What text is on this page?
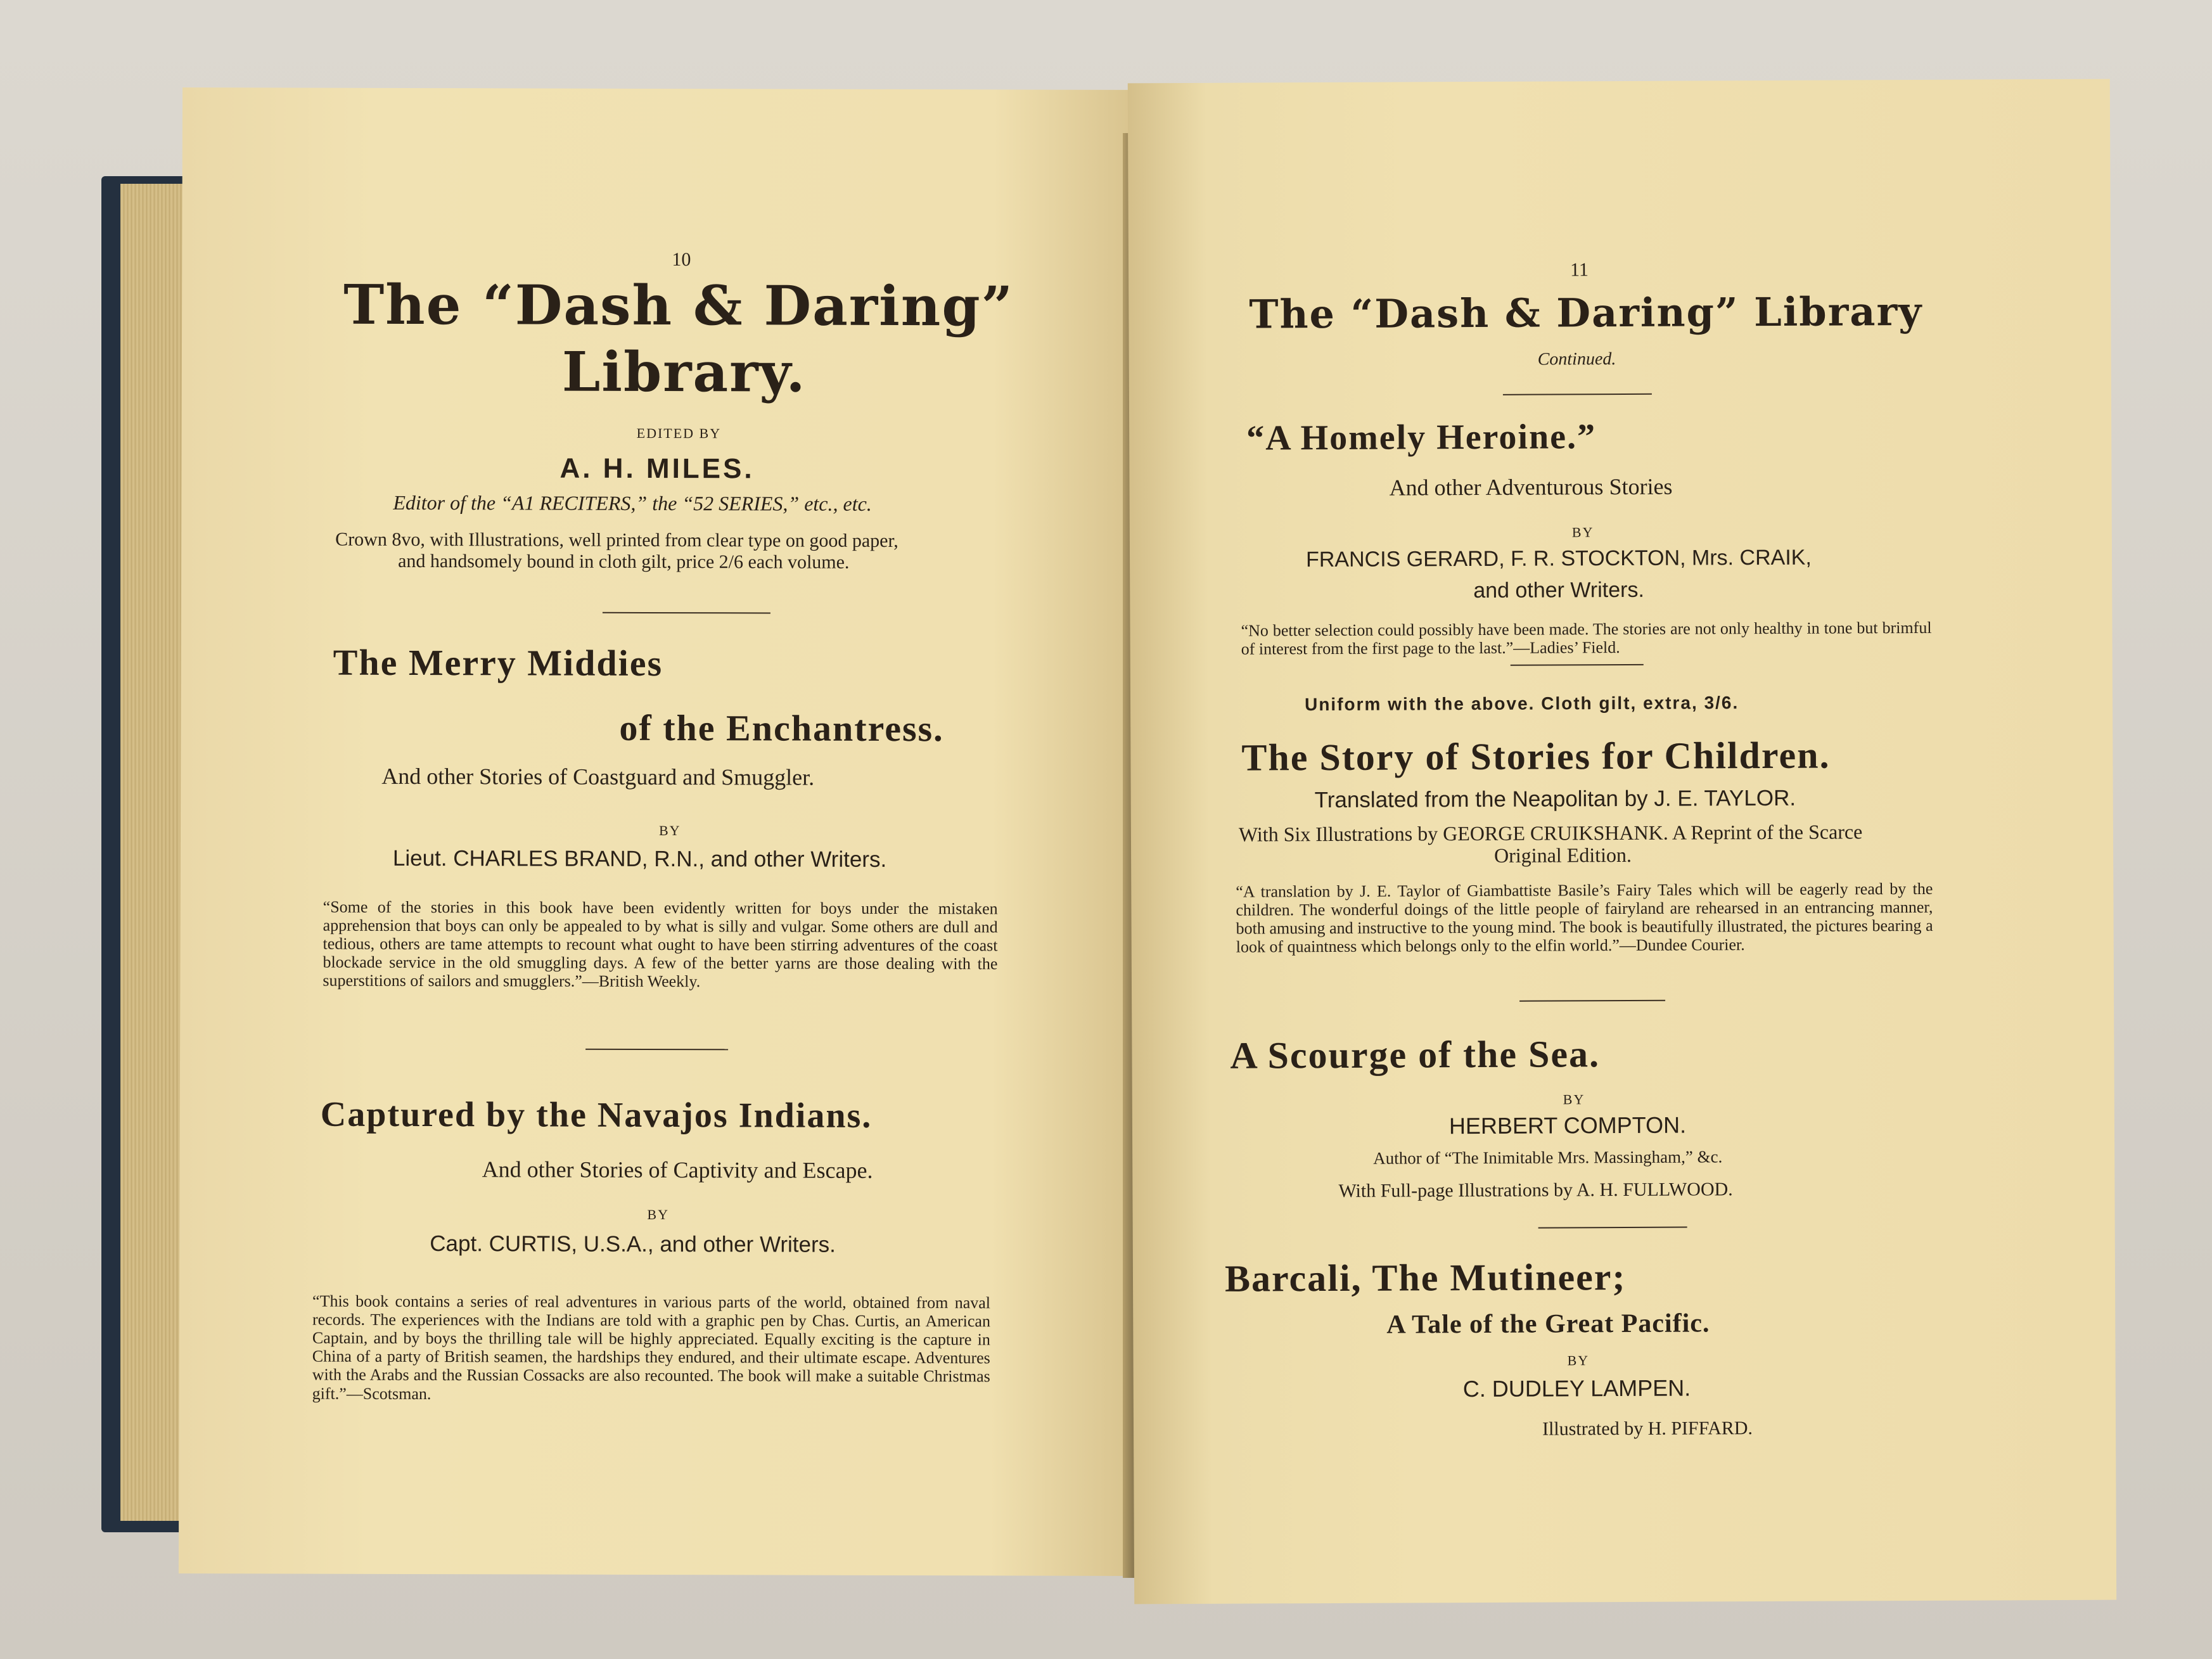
10
The “Dash & Daring”
Library.
EDITED BY
A. H. MILES.
Editor of the “A1 RECITERS,” the “52 SERIES,” etc., etc.
Crown 8vo, with Illustrations, well printed from clear type on good paper,
and handsomely bound in cloth gilt, price 2/6 each volume.
The Merry Middies
of the Enchantress.
And other Stories of Coastguard and Smuggler.
BY
Lieut. CHARLES BRAND, R.N., and other Writers.
“Some of the stories in this book have been evidently written for boys under the mistaken apprehension that boys can only be appealed to by what is silly and vulgar. Some others are dull and tedious, others are tame attempts to recount what ought to have been stirring adventures of the coast blockade service in the old smuggling days. A few of the better yarns are those dealing with the superstitions of sailors and smugglers.”—British Weekly.
Captured by the Navajos Indians.
And other Stories of Captivity and Escape.
BY
Capt. CURTIS, U.S.A., and other Writers.
“This book contains a series of real adventures in various parts of the world, obtained from naval records. The experiences with the Indians are told with a graphic pen by Chas. Curtis, an American Captain, and by boys the thrilling tale will be highly appreciated. Equally exciting is the capture in China of a party of British seamen, the hardships they endured, and their ultimate escape. Adventures with the Arabs and the Russian Cossacks are also recounted. The book will make a suitable Christmas gift.”—Scotsman.
11
The “Dash & Daring” Library
Continued.
“A Homely Heroine.”
And other Adventurous Stories
BY
FRANCIS GERARD, F. R. STOCKTON, Mrs. CRAIK,
and other Writers.
“No better selection could possibly have been made. The stories are not only healthy in tone but brimful of interest from the first page to the last.”—Ladies’ Field.
Uniform with the above. Cloth gilt, extra, 3/6.
The Story of Stories for Children.
Translated from the Neapolitan by J. E. TAYLOR.
With Six Illustrations by GEORGE CRUIKSHANK. A Reprint of the Scarce
Original Edition.
“A translation by J. E. Taylor of Giambattiste Basile’s Fairy Tales which will be eagerly read by the children. The wonderful doings of the little people of fairyland are rehearsed in an entrancing manner, both amusing and instructive to the young mind. The book is beautifully illustrated, the pictures bearing a look of quaintness which belongs only to the elfin world.”—Dundee Courier.
A Scourge of the Sea.
BY
HERBERT COMPTON.
Author of “The Inimitable Mrs. Massingham,” &c.
With Full-page Illustrations by A. H. FULLWOOD.
Barcali, The Mutineer;
A Tale of the Great Pacific.
BY
C. DUDLEY LAMPEN.
Illustrated by H. PIFFARD.
